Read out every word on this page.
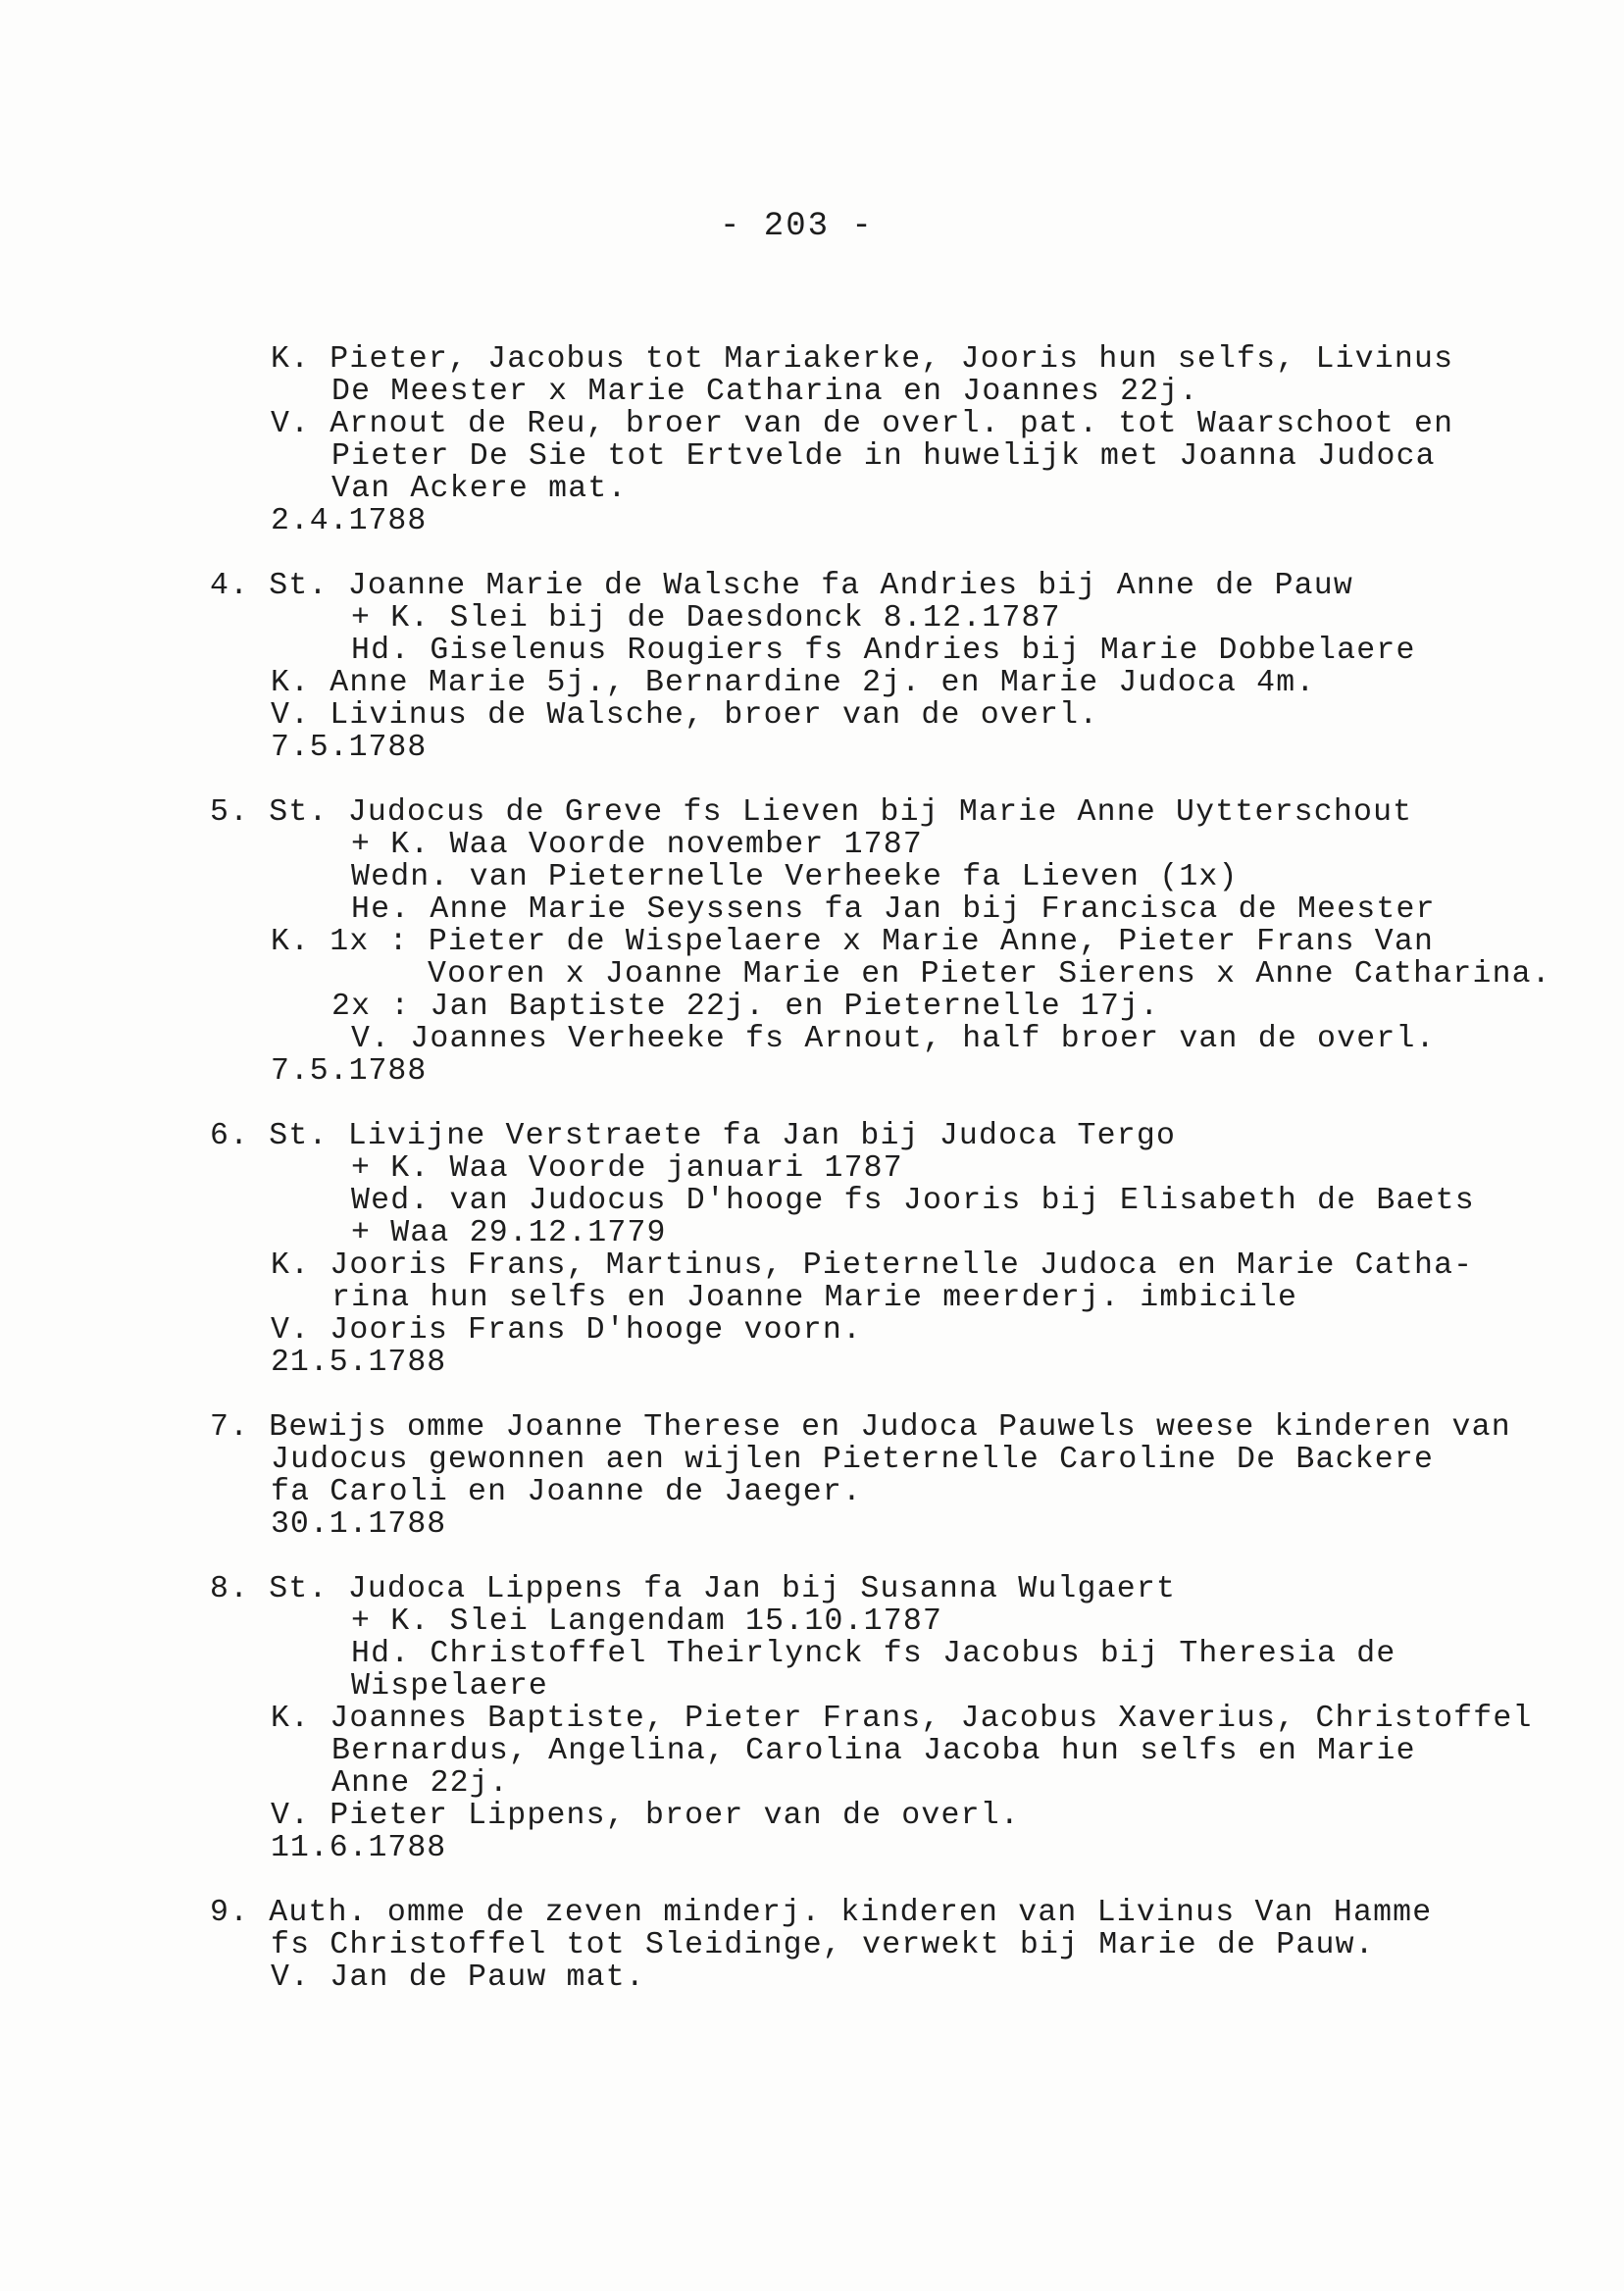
- 203 -
K. Pieter, Jacobus tot Mariakerke, Jooris hun selfs, Livinus
De Meester x Marie Catharina en Joannes 22j.
V. Arnout de Reu, broer van de overl. pat. tot Waarschoot en
Pieter De Sie tot Ertvelde in huwelijk met Joanna Judoca
Van Ackere mat.
2.4.1788
4. St. Joanne Marie de Walsche fa Andries bij Anne de Pauw
+ K. Slei bij de Daesdonck 8.12.1787
Hd. Giselenus Rougiers fs Andries bij Marie Dobbelaere
K. Anne Marie 5j., Bernardine 2j. en Marie Judoca 4m.
V. Livinus de Walsche, broer van de overl.
7.5.1788
5. St. Judocus de Greve fs Lieven bij Marie Anne Uytterschout
+ K. Waa Voorde november 1787
Wedn. van Pieternelle Verheeke fa Lieven (1x)
He. Anne Marie Seyssens fa Jan bij Francisca de Meester
K. 1x : Pieter de Wispelaere x Marie Anne, Pieter Frans Van
Vooren x Joanne Marie en Pieter Sierens x Anne Catharina.
2x : Jan Baptiste 22j. en Pieternelle 17j.
V. Joannes Verheeke fs Arnout, half broer van de overl.
7.5.1788
6. St. Livijne Verstraete fa Jan bij Judoca Tergo
+ K. Waa Voorde januari 1787
Wed. van Judocus D'hooge fs Jooris bij Elisabeth de Baets
+ Waa 29.12.1779
K. Jooris Frans, Martinus, Pieternelle Judoca en Marie Catha-
rina hun selfs en Joanne Marie meerderj. imbicile
V. Jooris Frans D'hooge voorn.
21.5.1788
7. Bewijs omme Joanne Therese en Judoca Pauwels weese kinderen van
Judocus gewonnen aen wijlen Pieternelle Caroline De Backere
fa Caroli en Joanne de Jaeger.
30.1.1788
8. St. Judoca Lippens fa Jan bij Susanna Wulgaert
+ K. Slei Langendam 15.10.1787
Hd. Christoffel Theirlynck fs Jacobus bij Theresia de
Wispelaere
K. Joannes Baptiste, Pieter Frans, Jacobus Xaverius, Christoffel
Bernardus, Angelina, Carolina Jacoba hun selfs en Marie
Anne 22j.
V. Pieter Lippens, broer van de overl.
11.6.1788
9. Auth. omme de zeven minderj. kinderen van Livinus Van Hamme
fs Christoffel tot Sleidinge, verwekt bij Marie de Pauw.
V. Jan de Pauw mat.
